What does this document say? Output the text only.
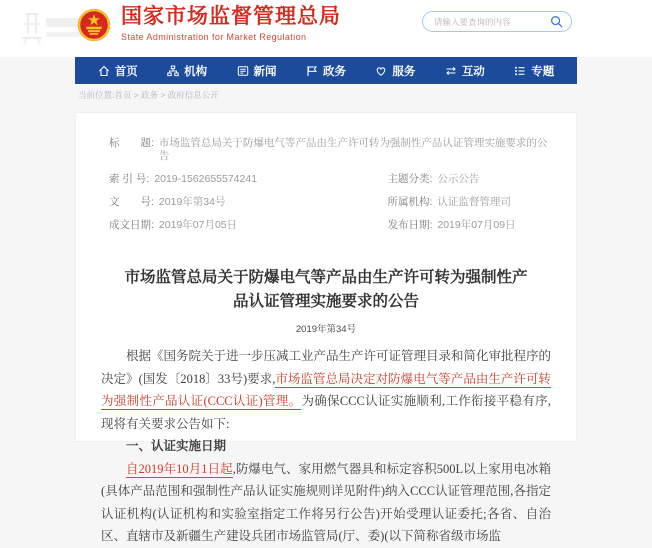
国家市场监督管理总局
State Administration for Market Regulation
请输入要查询的内容
首页	机构	新闻	政务	服务	互动	专题
当前位置:首页 > 政务 > 政府信息公开
标　　题: 市场监管总局关于防爆电气等产品由生产许可转为强制性产品认证管理实施要求的公告
索 引 号: 2019-1562655574241	主题分类: 公示公告
文　　号: 2019年第34号	所属机构: 认证监督管理司
成文日期: 2019年07月05日	发布日期: 2019年07月09日
市场监管总局关于防爆电气等产品由生产许可转为强制性产品认证管理实施要求的公告
2019年第34号

根据《国务院关于进一步压减工业产品生产许可证管理目录和简化审批程序的决定》(国发〔2018〕33号)要求,市场监管总局决定对防爆电气等产品由生产许可转为强制性产品认证(CCC认证)管理。为确保CCC认证实施顺利,工作衔接平稳有序,现将有关要求公告如下:

一、认证实施日期

自2019年10月1日起,防爆电气、家用燃气器具和标定容积500L以上家用电冰箱(具体产品范围和强制性产品认证实施规则详见附件)纳入CCC认证管理范围,各指定认证机构(认证机构和实验室指定工作将另行公告)开始受理认证委托;各省、自治区、直辖市及新疆生产建设兵团市场监管局(厅、委)(以下简称省级市场监
